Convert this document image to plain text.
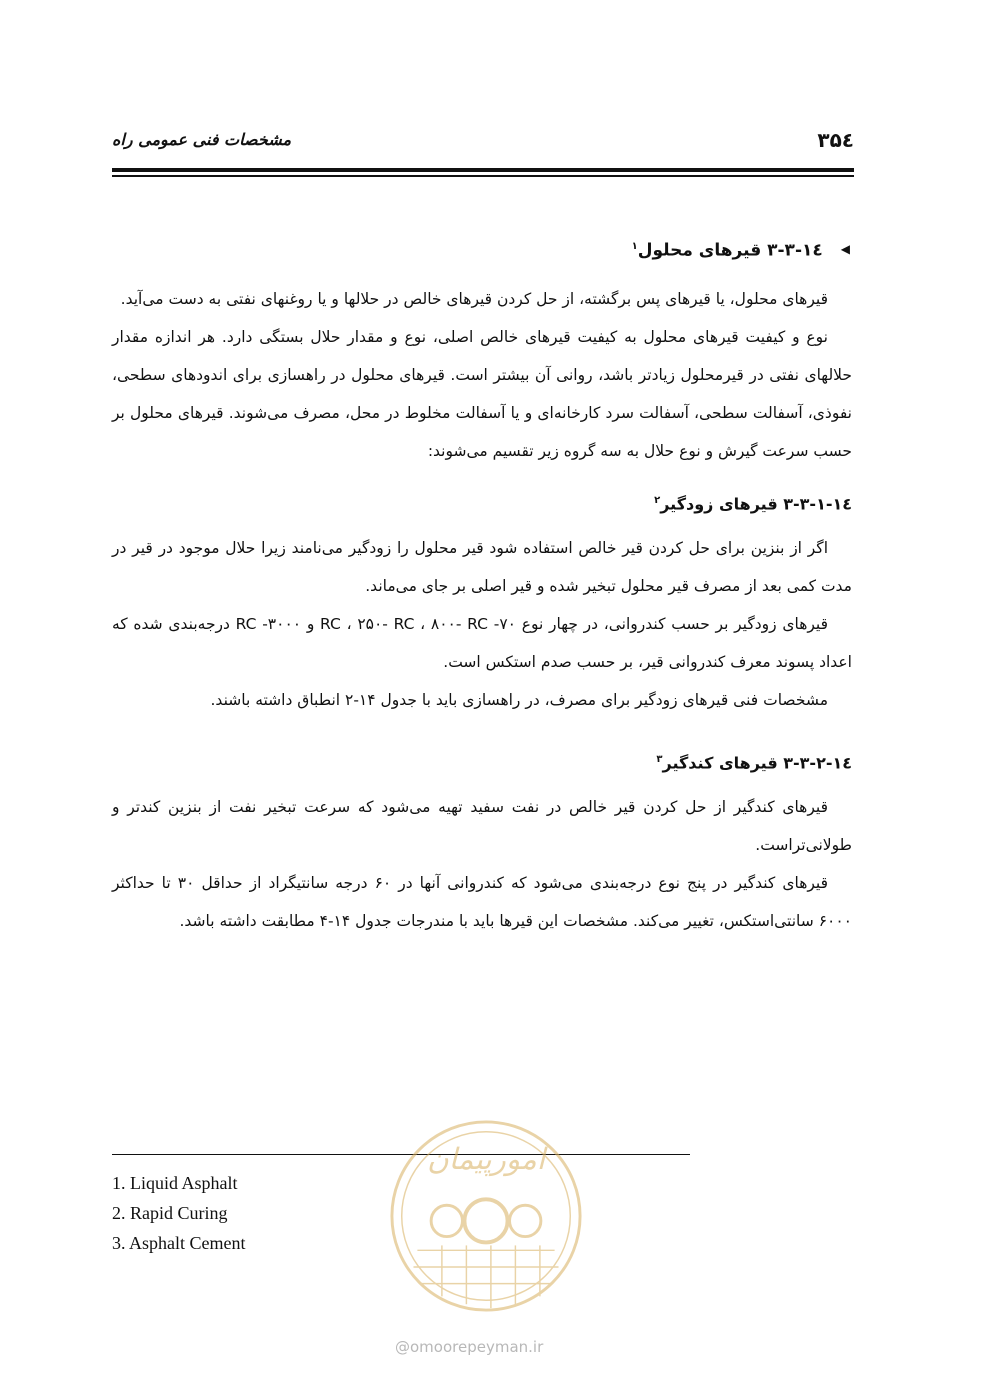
۳۵٤
مشخصات فنی عمومی راه
◀
۱٤-۳-۳ قیرهای محلول$^۱$

قیرهای محلول، یا قیرهای پس برگشته، از حل کردن قیرهای خالص در حلالها و یا روغنهای نفتی به دست می‌آید.

نوع و کیفیت قیرهای محلول به کیفیت قیرهای خالص اصلی، نوع و مقدار حلال بستگی دارد. هر اندازه مقدار حلالهای نفتی در قیرمحلول زیادتر باشد، روانی آن بیشتر است. قیرهای محلول در راهسازی برای اندودهای سطحی، نفوذی، آسفالت سطحی، آسفالت سرد کارخانه‌ای و یا آسفالت مخلوط در محل، مصرف می‌شوند. قیرهای محلول بر حسب سرعت گیرش و نوع حلال به سه گروه زیر تقسیم می‌شوند:

۱٤-۳-۳-۱ قیرهای زودگیر$^۲$

اگر از بنزین برای حل کردن قیر خالص استفاده شود قیر محلول را زودگیر می‌نامند زیرا حلال موجود در قیر در مدت کمی بعد از مصرف قیر محلول تبخیر شده و قیر اصلی بر جای می‌ماند.

قیرهای زودگیر بر حسب کندروانی، در چهار نوع ۷۰- RC ، ۲۵۰- RC ، ۸۰۰- RC و ۳۰۰۰- RC درجه‌بندی شده که اعداد پسوند معرف کندروانی قیر، بر حسب صدم استکس است.

مشخصات فنی قیرهای زودگیر برای مصرف، در راهسازی باید با جدول ۱۴-۲ انطباق داشته باشند.

۱٤-۳-۳-۲ قیرهای کندگیر$^۳$

قیرهای کندگیر از حل کردن قیر خالص در نفت سفید تهیه می‌شود که سرعت تبخیر نفت از بنزین کندتر و طولانی‌تراست.

قیرهای کندگیر در پنج نوع درجه‌بندی می‌شود که کندروانی آنها در ۶۰ درجه سانتیگراد از حداقل ۳۰ تا حداکثر ۶۰۰۰ سانتی‌استکس، تغییر می‌کند. مشخصات این قیرها باید با مندرجات جدول ۱۴-۴ مطابقت داشته باشد.

1. Liquid Asphalt
2. Rapid Curing
3. Asphalt Cement
امورپیمان
@omoorepeyman.ir
